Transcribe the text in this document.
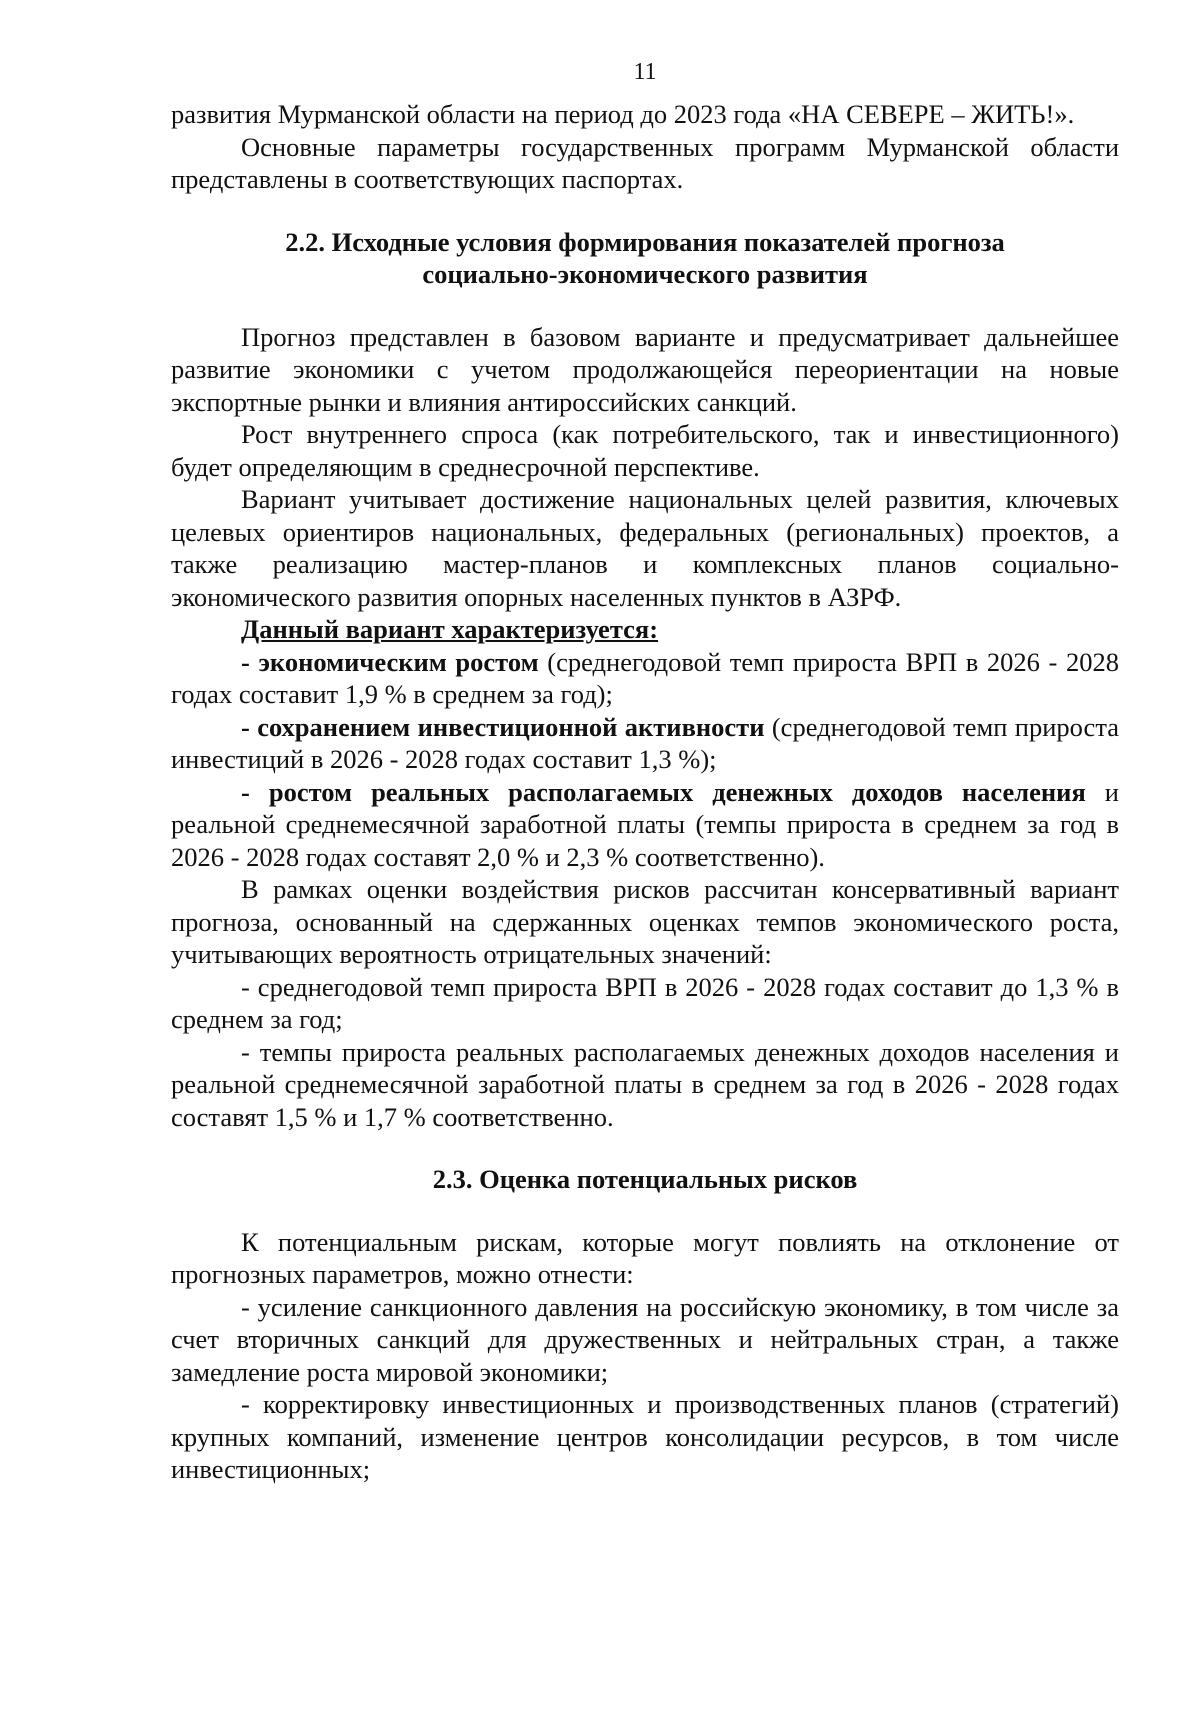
11

развития Мурманской области на период до 2023 года «НА СЕВЕРЕ – ЖИТЬ!».

Основные параметры государственных программ Мурманской области представлены в соответствующих паспортах.

2.2. Исходные условия формирования показателей прогноза
социально-экономического развития

Прогноз представлен в базовом варианте и предусматривает дальнейшее развитие экономики с учетом продолжающейся переориентации на новые экспортные рынки и влияния антироссийских санкций.

Рост внутреннего спроса (как потребительского, так и инвестиционного) будет определяющим в среднесрочной перспективе.

Вариант учитывает достижение национальных целей развития, ключевых целевых ориентиров национальных, федеральных (региональных) проектов, а также реализацию мастер-планов и комплексных планов социально-экономического развития опорных населенных пунктов в АЗРФ.

Данный вариант характеризуется:

- экономическим ростом (среднегодовой темп прироста ВРП в 2026 - 2028 годах составит 1,9 % в среднем за год);

- сохранением инвестиционной активности (среднегодовой темп прироста инвестиций в 2026 - 2028 годах составит 1,3 %);

- ростом реальных располагаемых денежных доходов населения и реальной среднемесячной заработной платы (темпы прироста в среднем за год в 2026 - 2028 годах составят 2,0 % и 2,3 % соответственно).

В рамках оценки воздействия рисков рассчитан консервативный вариант прогноза, основанный на сдержанных оценках темпов экономического роста, учитывающих вероятность отрицательных значений:

- среднегодовой темп прироста ВРП в 2026 - 2028 годах составит до 1,3 % в среднем за год;

- темпы прироста реальных располагаемых денежных доходов населения и реальной среднемесячной заработной платы в среднем за год в 2026 - 2028 годах составят 1,5 % и 1,7 % соответственно.

2.3. Оценка потенциальных рисков

К потенциальным рискам, которые могут повлиять на отклонение от прогнозных параметров, можно отнести:

- усиление санкционного давления на российскую экономику, в том числе за счет вторичных санкций для дружественных и нейтральных стран, а также замедление роста мировой экономики;

- корректировку инвестиционных и производственных планов (стратегий) крупных компаний, изменение центров консолидации ресурсов, в том числе инвестиционных;
